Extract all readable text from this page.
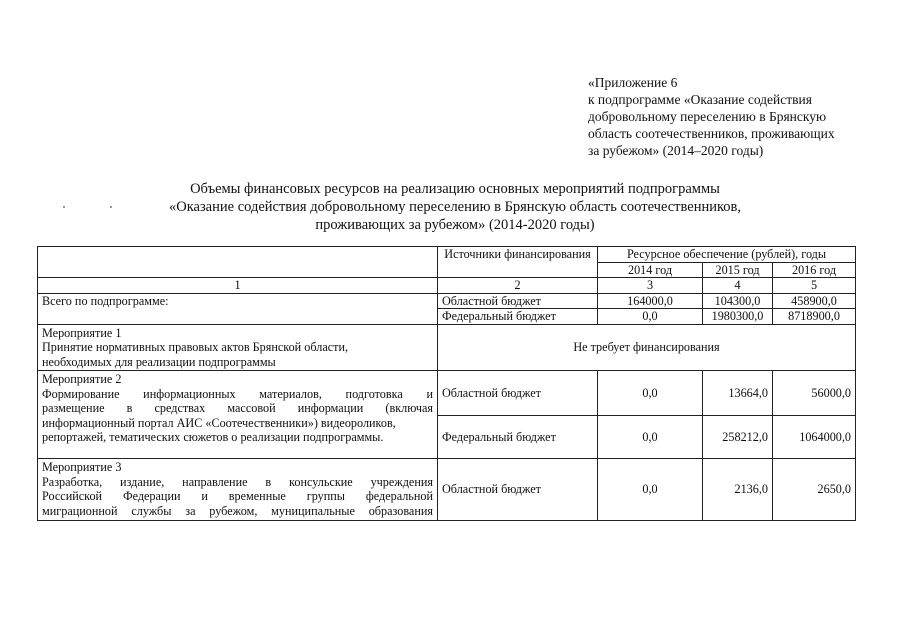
«Приложение 6
к подпрограмме «Оказание содействия
добровольному переселению в Брянскую
область соотечественников, проживающих
за рубежом» (2014–2020 годы)
Объемы финансовых ресурсов на реализацию основных мероприятий подпрограммы
«Оказание содействия добровольному переселению в Брянскую область соотечественников,
проживающих за рубежом» (2014-2020 годы)
	Источники финансирования	Ресурсное обеспечение (рублей), годы		
		2014 год	2015 год	2016 год
1	2	3	4	5
Всего по подпрограмме:	Областной бюджет	164000,0	104300,0	458900,0
	Федеральный бюджет	0,0	1980300,0	8718900,0

Мероприятие 1
Принятие нормативных правовых актов Брянской области,
необходимых для реализации подпрограммы	Не требует финансирования			

Мероприятие 2
Формирование информационных материалов, подготовка и
размещение в средствах массовой информации (включая
информационный портал АИС «Соотечественники») видеороликов,
репортажей, тематических сюжетов о реализации подпрограммы.	Областной бюджет	0,0	13664,0	56000,0
	Федеральный бюджет	0,0	258212,0	1064000,0

Мероприятие 3
Разработка, издание, направление в консульские учреждения
Российской Федерации и временные группы федеральной
миграционной службы за рубежом, муниципальные образования	Областной бюджет	0,0	2136,0	2650,0
